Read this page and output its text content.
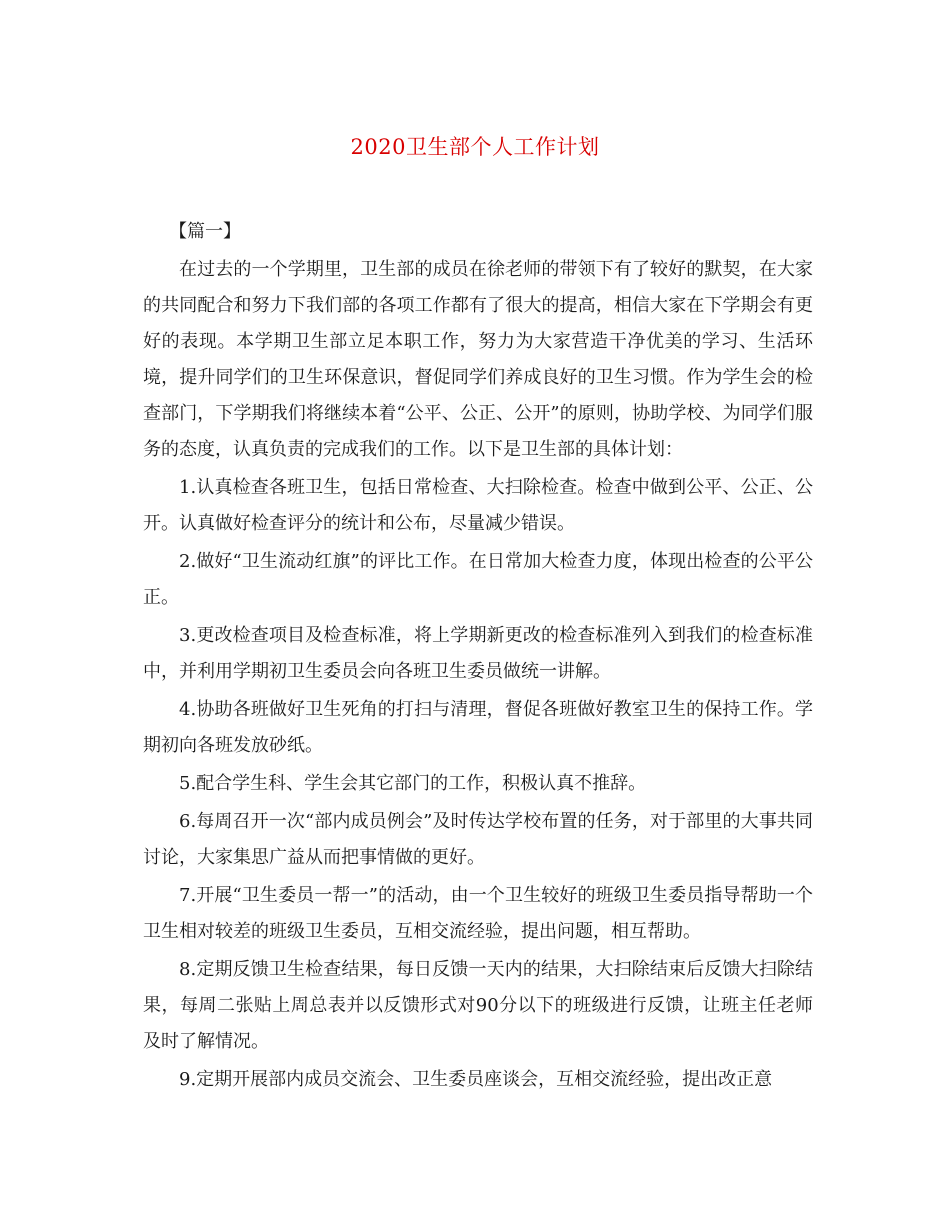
2020卫生部个人工作计划

【篇一】

在过去的一个学期里，卫生部的成员在徐老师的带领下有了较好的默契，在大家的共同配合和努力下我们部的各项工作都有了很大的提高，相信大家在下学期会有更好的表现。本学期卫生部立足本职工作，努力为大家营造干净优美的学习、生活环境，提升同学们的卫生环保意识，督促同学们养成良好的卫生习惯。作为学生会的检查部门，下学期我们将继续本着“公平、公正、公开”的原则，协助学校、为同学们服务的态度，认真负责的完成我们的工作。以下是卫生部的具体计划：

1.认真检查各班卫生，包括日常检查、大扫除检查。检查中做到公平、公正、公开。认真做好检查评分的统计和公布，尽量减少错误。

2.做好“卫生流动红旗”的评比工作。在日常加大检查力度，体现出检查的公平公正。

3.更改检查项目及检查标准，将上学期新更改的检查标准列入到我们的检查标准中，并利用学期初卫生委员会向各班卫生委员做统一讲解。

4.协助各班做好卫生死角的打扫与清理，督促各班做好教室卫生的保持工作。学期初向各班发放砂纸。

5.配合学生科、学生会其它部门的工作，积极认真不推辞。

6.每周召开一次“部内成员例会”及时传达学校布置的任务，对于部里的大事共同讨论，大家集思广益从而把事情做的更好。

7.开展“卫生委员一帮一”的活动，由一个卫生较好的班级卫生委员指导帮助一个卫生相对较差的班级卫生委员，互相交流经验，提出问题，相互帮助。

8.定期反馈卫生检查结果，每日反馈一天内的结果，大扫除结束后反馈大扫除结果，每周二张贴上周总表并以反馈形式对90分以下的班级进行反馈，让班主任老师及时了解情况。

9.定期开展部内成员交流会、卫生委员座谈会，互相交流经验，提出改正意
